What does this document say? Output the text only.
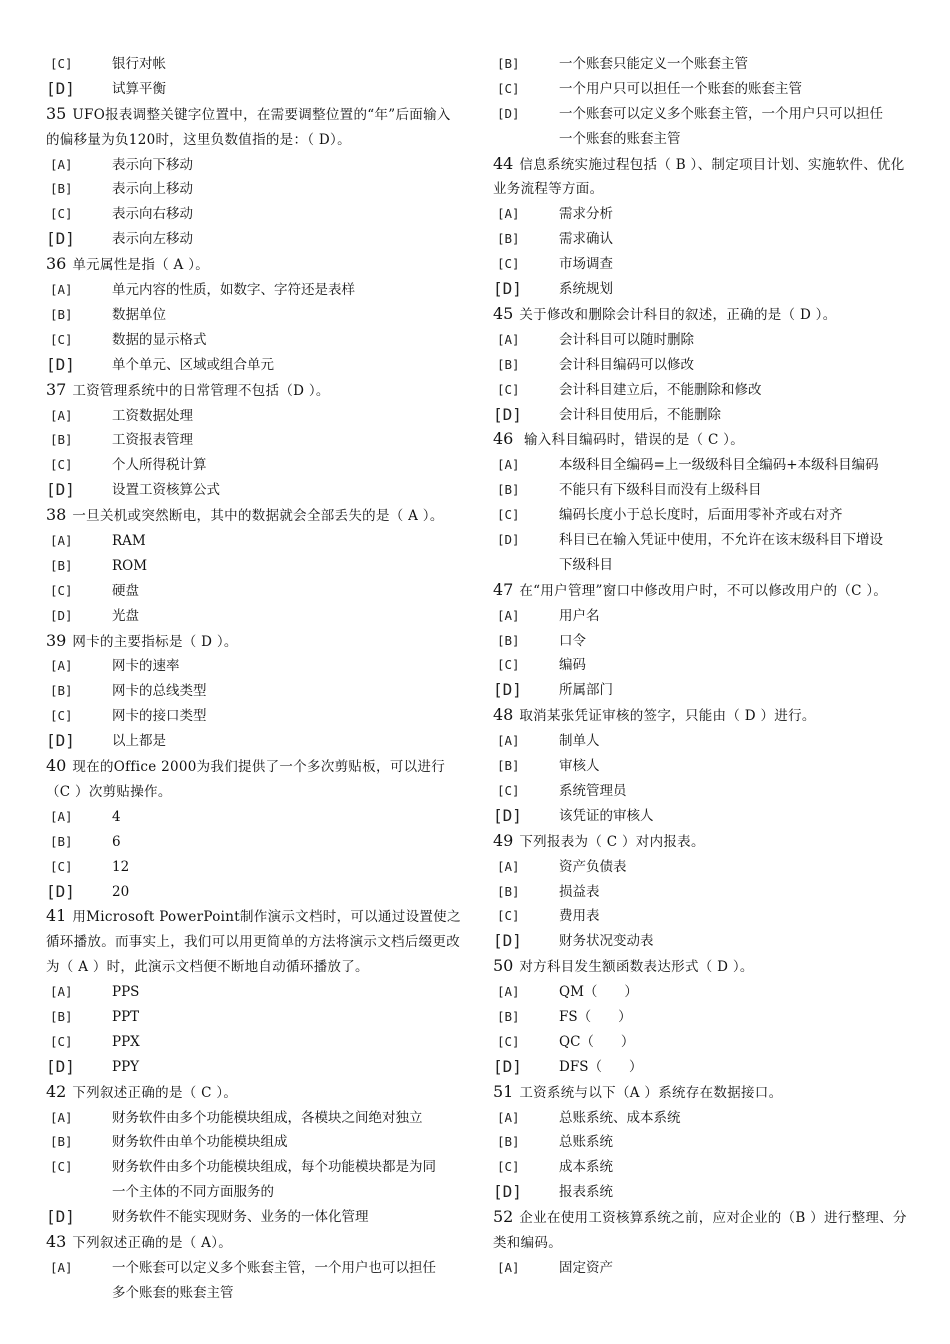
[C]	银行对帐
[D]	试算平衡
35 UFO报表调整关键字位置中，在需要调整位置的“年”后面输入的偏移量为负120时，这里负数值指的是：（ D）。
[A]	表示向下移动
[B]	表示向上移动
[C]	表示向右移动
[D]	表示向左移动
36 单元属性是指（ A ）。
[A]	单元内容的性质，如数字、字符还是表样
[B]	数据单位
[C]	数据的显示格式
[D]	单个单元、区域或组合单元
37 工资管理系统中的日常管理不包括（D ）。
[A]	工资数据处理
[B]	工资报表管理
[C]	个人所得税计算
[D]	设置工资核算公式
38 一旦关机或突然断电，其中的数据就会全部丢失的是（ A ）。
[A]	RAM
[B]	ROM
[C]	硬盘
[D]	光盘
39 网卡的主要指标是（ D ）。
[A]	网卡的速率
[B]	网卡的总线类型
[C]	网卡的接口类型
[D]	以上都是
40 现在的Office 2000为我们提供了一个多次剪贴板，可以进行（C ）次剪贴操作。
[A]	4
[B]	6
[C]	12
[D]	20
41 用Microsoft PowerPoint制作演示文档时，可以通过设置使之循环播放。而事实上，我们可以用更简单的方法将演示文档后缀更改为（ A ）时，此演示文档便不断地自动循环播放了。
[A]	PPS
[B]	PPT
[C]	PPX
[D]	PPY
42 下列叙述正确的是（ C ）。
[A]	财务软件由多个功能模块组成，各模块之间绝对独立
[B]	财务软件由单个功能模块组成
[C]	财务软件由多个功能模块组成，每个功能模块都是为同
一个主体的不同方面服务的
[D]	财务软件不能实现财务、业务的一体化管理
43 下列叙述正确的是（ A）。
[A]	一个账套可以定义多个账套主管，一个用户也可以担任
多个账套的账套主管
[B]	一个账套只能定义一个账套主管
[C]	一个用户只可以担任一个账套的账套主管
[D]	一个账套可以定义多个账套主管，一个用户只可以担任
一个账套的账套主管
44 信息系统实施过程包括（ B ）、制定项目计划、实施软件、优化业务流程等方面。
[A]	需求分析
[B]	需求确认
[C]	市场调查
[D]	系统规划
45 关于修改和删除会计科目的叙述，正确的是（ D ）。
[A]	会计科目可以随时删除
[B]	会计科目编码可以修改
[C]	会计科目建立后，不能删除和修改
[D]	会计科目使用后，不能删除
46 输入科目编码时，错误的是（ C ）。
[A]	本级科目全编码=上一级级科目全编码+本级科目编码
[B]	不能只有下级科目而没有上级科目
[C]	编码长度小于总长度时，后面用零补齐或右对齐
[D]	科目已在输入凭证中使用，不允许在该末级科目下增设
下级科目
47 在“用户管理”窗口中修改用户时，不可以修改用户的（C ）。
[A]	用户名
[B]	口令
[C]	编码
[D]	所属部门
48 取消某张凭证审核的签字，只能由（ D ）进行。
[A]	制单人
[B]	审核人
[C]	系统管理员
[D]	该凭证的审核人
49 下列报表为（ C ）对内报表。
[A]	资产负债表
[B]	损益表
[C]	费用表
[D]	财务状况变动表
50 对方科目发生额函数表达形式（ D ）。
[A]	QM（　　）
[B]	FS（　　）
[C]	QC（　　）
[D]	DFS（　　）
51 工资系统与以下（A ）系统存在数据接口。
[A]	总账系统、成本系统
[B]	总账系统
[C]	成本系统
[D]	报表系统
52 企业在使用工资核算系统之前，应对企业的（B ）进行整理、分类和编码。
[A]	固定资产
